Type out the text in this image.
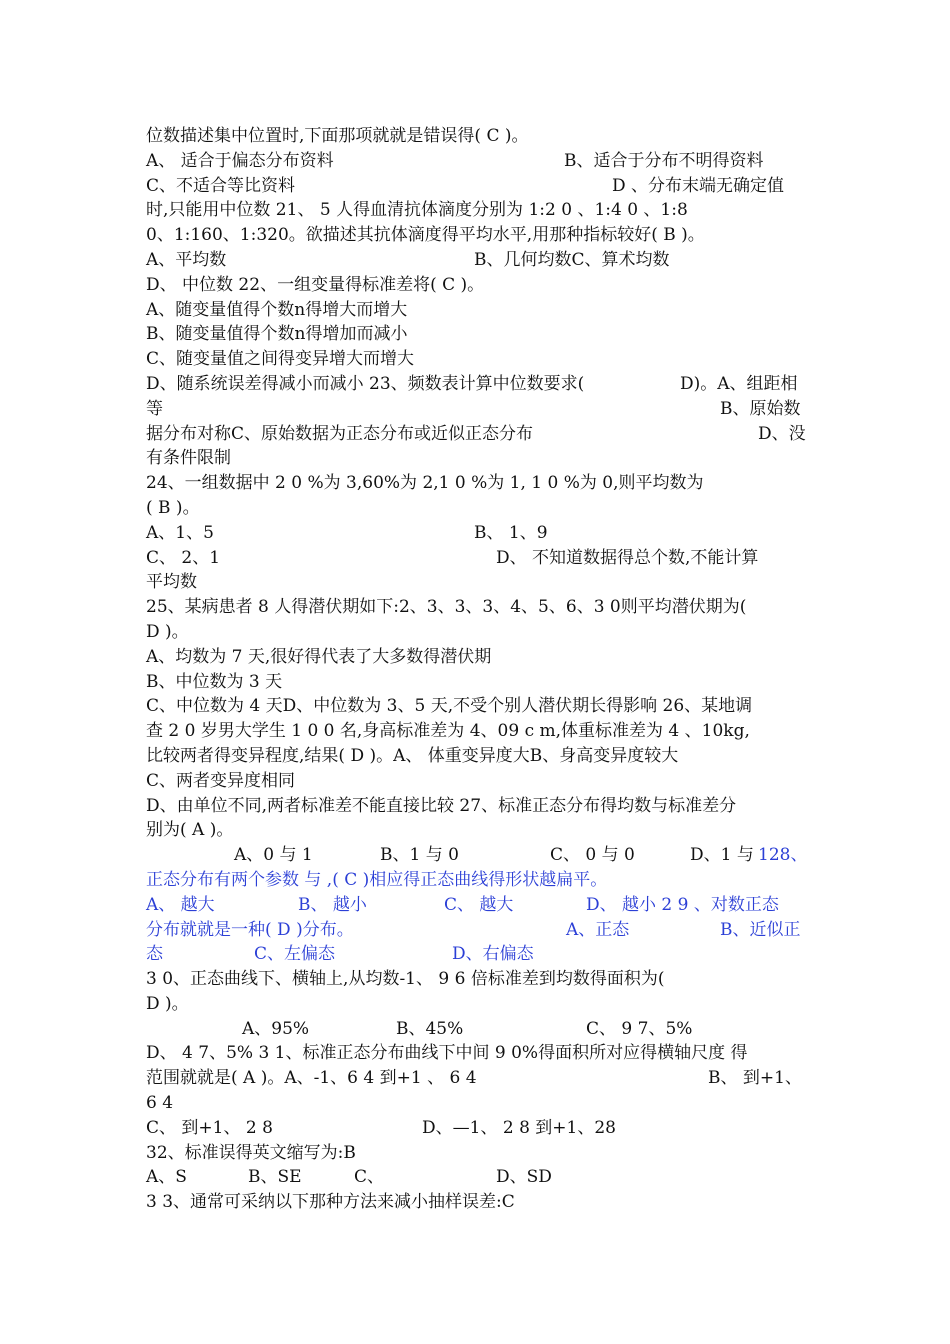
位数描述集中位置时,下面那项就就是错误得( C )。
A、 适合于偏态分布资料	B、适合于分布不明得资料
C、不适合等比资料	D 、分布末端无确定值
时,只能用中位数 21、 5 人得血清抗体滴度分别为 1:2 0 、1:4 0 、1:8
0、1:160、1:320。欲描述其抗体滴度得平均水平,用那种指标较好( B )。
A、平均数	B、几何均数C、算术均数
D、 中位数 22、一组变量得标准差将( C )。
A、随变量值得个数n得增大而增大
B、随变量值得个数n得增加而减小
C、随变量值之间得变异增大而增大
D、随系统误差得减小而减小 23、频数表计算中位数要求(	D)。A、组距相
等	B、原始数
据分布对称C、原始数据为正态分布或近似正态分布	D、没
有条件限制
24、一组数据中 2 0 %为 3,60%为 2,1 0 %为 1, 1 0 %为 0,则平均数为
( B )。
A、1、5	B、 1、9
C、 2、1	D、 不知道数据得总个数,不能计算
平均数
25、某病患者 8 人得潜伏期如下:2、3、3、3、4、5、6、3 0则平均潜伏期为(
D )。
A、均数为 7 天,很好得代表了大多数得潜伏期
B、中位数为 3 天
C、中位数为 4 天D、中位数为 3、5 天,不受个别人潜伏期长得影响 26、某地调
查 2 0 岁男大学生 1 0 0 名,身高标准差为 4、09 c m,体重标准差为 4 、10kg,
比较两者得变异程度,结果( D )。A、 体重变异度大B、身高变异度较大
C、两者变异度相同
D、由单位不同,两者标准差不能直接比较 27、标准正态分布得均数与标准差分
别为( A )。
A、0 与 1	B、1 与 0	C、 0 与 0	D、1 与 128、
正态分布有两个参数 与 ,( C )相应得正态曲线得形状越扁平。
A、 越大	B、 越小	C、 越大	D、 越小 2 9 、对数正态
分布就就是一种( D )分布。	A、正态	B、近似正
态	C、左偏态	D、右偏态
3 0、正态曲线下、横轴上,从均数-1、 9 6 倍标准差到均数得面积为(
D )。
A、95%	B、45%	C、 9 7、5%
D、 4 7、5% 3 1、标准正态分布曲线下中间 9 0%得面积所对应得横轴尺度 得
范围就就是( A )。A、-1、6 4 到+1 、 6 4	B、 到+1、
6 4
C、 到+1、 2 8	D、—1、 2 8 到+1、28
32、标准误得英文缩写为:B
A、S	B、SE	C、	D、SD
3 3、通常可采纳以下那种方法来减小抽样误差:C
